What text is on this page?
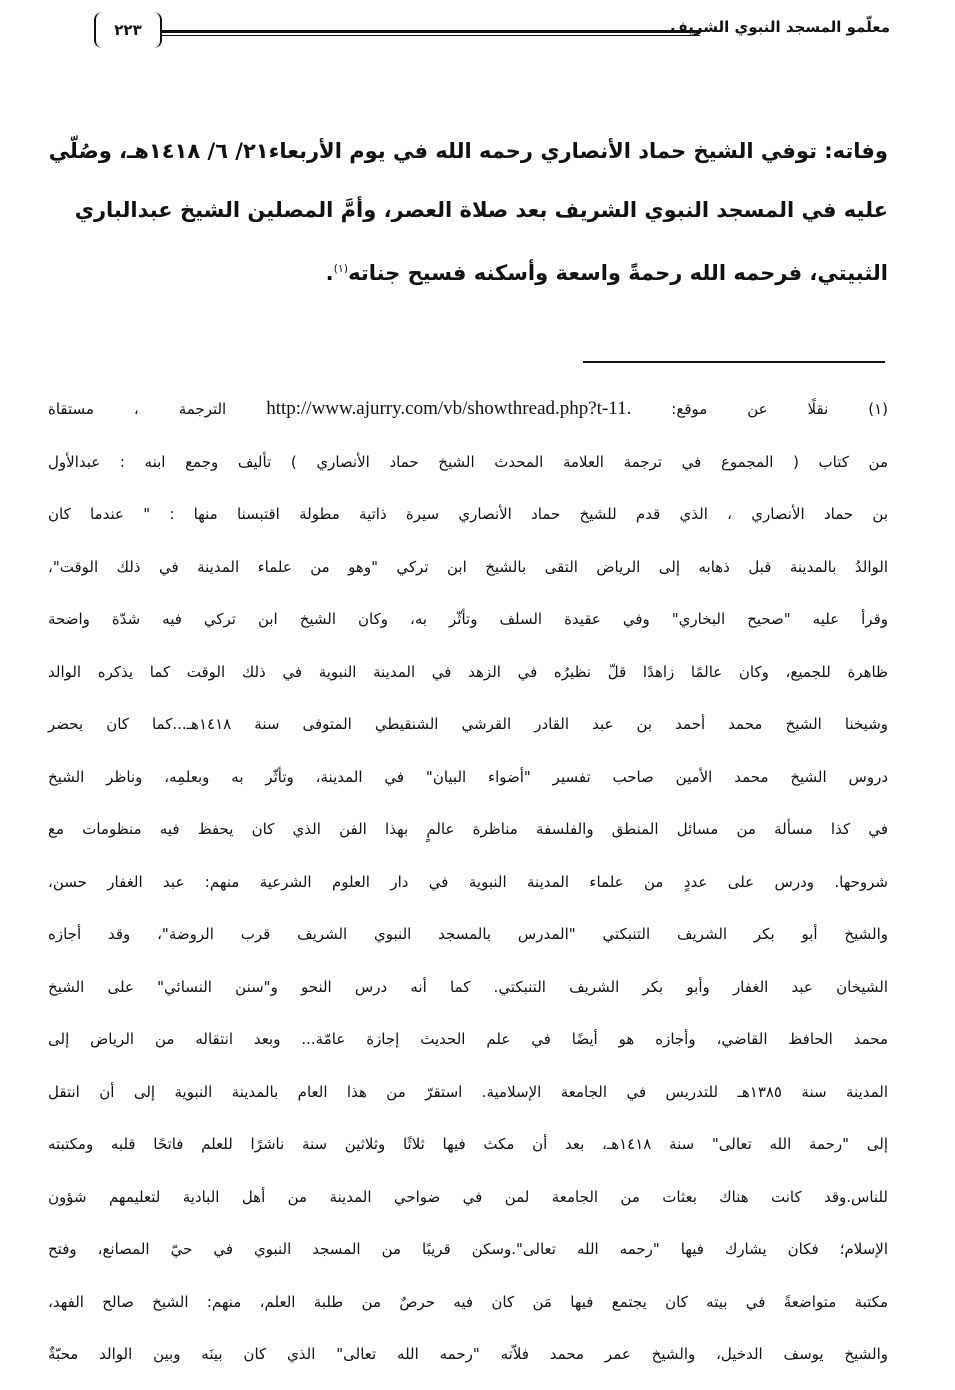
معلّمو المسجد النبوي الشريف
٢٢٣
وفاته: توفي الشيخ حماد الأنصاري رحمه الله في يوم الأربعاء٢١/ ٦/ ١٤١٨هـ، وصُلّي
عليه في المسجد النبوي الشريف بعد صلاة العصر، وأمَّ المصلين الشيخ عبدالباري
الثبيتي، فرحمه الله رحمةً واسعة وأسكنه فسيح جناته$^{(١)}$.
(١) نقلًا عن موقع: http://www.ajurry.com/vb/showthread.php?t-11. الترجمة ، مستقاة
من كتاب ( المجموع في ترجمة العلامة المحدث الشيخ حماد الأنصاري ) تأليف وجمع ابنه : عبدالأول
بن حماد الأنصاري ، الذي قدم للشيخ حماد الأنصاري سيرة ذاتية مطولة اقتبسنا منها : " عندما كان
الوالدُ بالمدينة قبل ذهابه إلى الرياض التقى بالشيخ ابن تركي "وهو من علماء المدينة في ذلك الوقت"،
وقرأ عليه "صحيح البخاري" وفي عقيدة السلف وتأثّر به، وكان الشيخ ابن تركي فيه شدّة واضحة
ظاهرة للجميع، وكان عالمًا زاهدًا قلّ نظيرُه في الزهد في المدينة النبوية في ذلك الوقت كما يذكره الوالد
وشيخنا الشيخ محمد أحمد بن عبد القادر القرشي الشنقيطي المتوفى سنة ١٤١٨هـ...كما كان يحضر
دروس الشيخ محمد الأمين صاحب تفسير "أضواء البيان" في المدينة، وتأثّر به وبعلمِه، وناظر الشيخ
في كذا مسألة من مسائل المنطق والفلسفة مناظرة عالمٍ بهذا الفن الذي كان يحفظ فيه منظومات مع
شروحها. ودرس على عددٍ من علماء المدينة النبوية في دار العلوم الشرعية منهم: عبد الغفار حسن،
والشيخ أبو بكر الشريف التنبكتي "المدرس بالمسجد النبوي الشريف قرب الروضة"، وقد أجازه
الشيخان عبد الغفار وأبو بكر الشريف التنبكتي. كما أنه درس النحو و"سنن النسائي" على الشيخ
محمد الحافظ القاضي، وأجازه هو أيضًا في علم الحديث إجازة عامّة... وبعد انتقاله من الرياض إلى
المدينة سنة ١٣٨٥هـ للتدريس في الجامعة الإسلامية. استقرّ من هذا العام بالمدينة النبوية إلى أن انتقل
إلى "رحمة الله تعالى" سنة ١٤١٨هـ، بعد أن مكث فيها ثلاثًا وثلاثين سنة ناشرًا للعلم فاتحًا قلبه ومكتبته
للناس.وقد كانت هناك بعثات من الجامعة لمن في ضواحي المدينة من أهل البادية لتعليمهم شؤون
الإسلام؛ فكان يشارك فيها "رحمه الله تعالى".وسكن قريبًا من المسجد النبوي في حيّ المصانع، وفتح
مكتبة متواضعةً في بيته كان يجتمع فيها مَن كان فيه حرصٌ من طلبة العلم، منهم: الشيخ صالح الفهد،
والشيخ يوسف الدخيل، والشيخ عمر محمد فلاّته "رحمه الله تعالى" الذي كان بينَه وبين الوالد محبّةٌ
